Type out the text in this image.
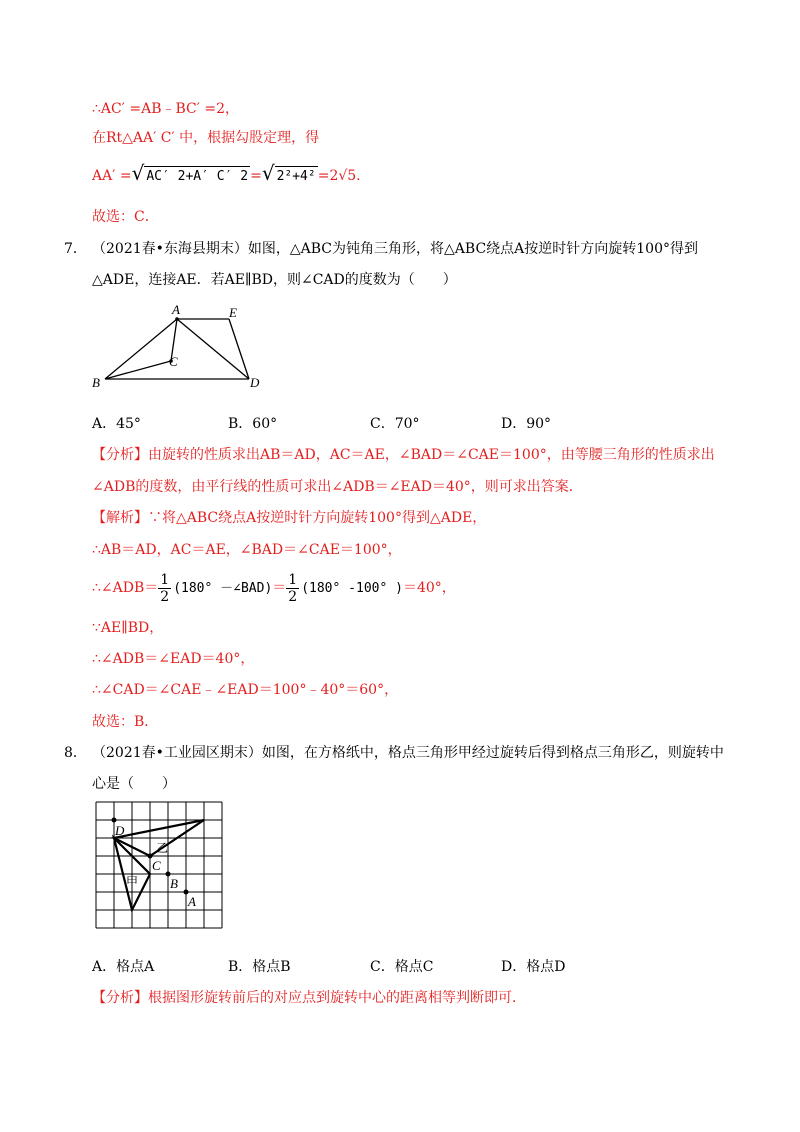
∴AC′ =AB﹣BC′ =2，
在Rt△AA′ C′ 中，根据勾股定理，得
AA′ =√ AC′ 2+A′ C′ 2 =√ 2²+4² =2√5.
故选：C．
7． （2021春•东海县期末）如图，△ABC为钝角三角形，将△ABC绕点A按逆时针方向旋转100°得到
△ADE，连接AE．若AE∥BD，则∠CAD的度数为（　　）
A	E
C
B	D
A．45°	B．60°	C．70°	D．90°
【分析】由旋转的性质求出AB＝AD，AC＝AE，∠BAD＝∠CAE＝100°，由等腰三角形的性质求出
∠ADB的度数，由平行线的性质可求出∠ADB＝∠EAD＝40°，则可求出答案．
【解析】∵将△ABC绕点A按逆时针方向旋转100°得到△ADE，
∴AB＝AD，AC＝AE，∠BAD＝∠CAE＝100°，
∴∠ADB＝ $\frac{1}{2} (180^\circ$ －∠BAD)＝ $\frac{1}{2} (180^\circ$ -100° )＝40°，
∵AE∥BD，
∴∠ADB＝∠EAD＝40°，
∴∠CAD＝∠CAE﹣∠EAD＝100°﹣40°＝60°，
故选：B．
8． （2021春•工业园区期末）如图，在方格纸中，格点三角形甲经过旋转后得到格点三角形乙，则旋转中
心是（　　）
D
乙
C
甲 B
A
A．格点A	B．格点B	C．格点C	D．格点D
【分析】根据图形旋转前后的对应点到旋转中心的距离相等判断即可．
